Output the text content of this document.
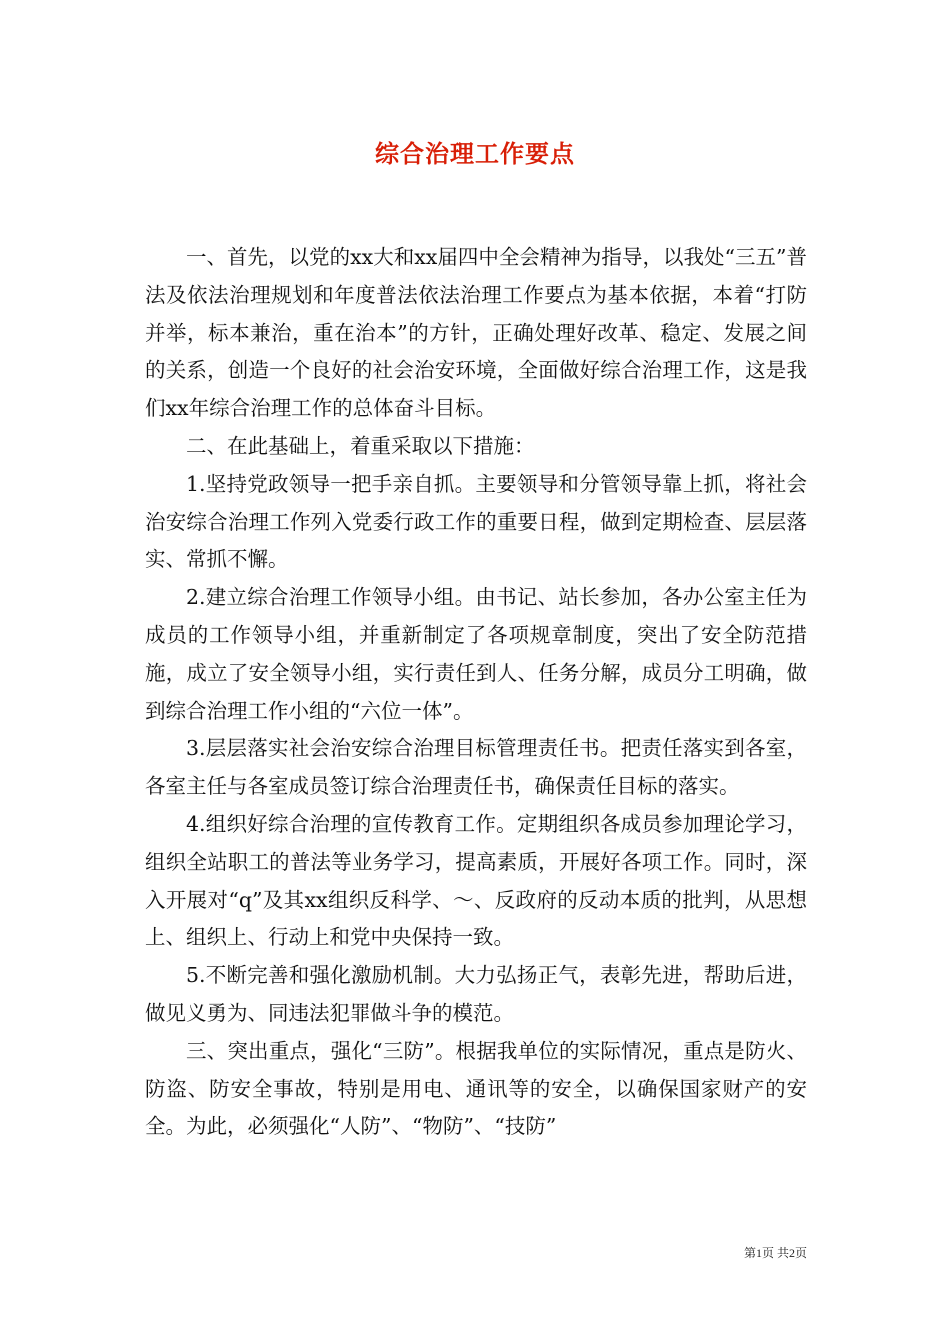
综合治理工作要点

一、首先，以党的xx大和xx届四中全会精神为指导，以我处“三五”普法及依法治理规划和年度普法依法治理工作要点为基本依据，本着“打防并举，标本兼治，重在治本”的方针，正确处理好改革、稳定、发展之间的关系，创造一个良好的社会治安环境，全面做好综合治理工作，这是我们xx年综合治理工作的总体奋斗目标。

二、在此基础上，着重采取以下措施：

1.坚持党政领导一把手亲自抓。主要领导和分管领导靠上抓，将社会治安综合治理工作列入党委行政工作的重要日程，做到定期检查、层层落实、常抓不懈。

2.建立综合治理工作领导小组。由书记、站长参加，各办公室主任为成员的工作领导小组，并重新制定了各项规章制度，突出了安全防范措施，成立了安全领导小组，实行责任到人、任务分解，成员分工明确，做到综合治理工作小组的“六位一体”。

3.层层落实社会治安综合治理目标管理责任书。把责任落实到各室，各室主任与各室成员签订综合治理责任书，确保责任目标的落实。

4.组织好综合治理的宣传教育工作。定期组织各成员参加理论学习，组织全站职工的普法等业务学习，提高素质，开展好各项工作。同时，深入开展对“q”及其xx组织反科学、～、反政府的反动本质的批判，从思想上、组织上、行动上和党中央保持一致。

5.不断完善和强化激励机制。大力弘扬正气，表彰先进，帮助后进，做见义勇为、同违法犯罪做斗争的模范。

三、突出重点，强化“三防”。根据我单位的实际情况，重点是防火、防盗、防安全事故，特别是用电、通讯等的安全，以确保国家财产的安全。为此，必须强化“人防”、“物防”、“技防”

第1页 共2页
